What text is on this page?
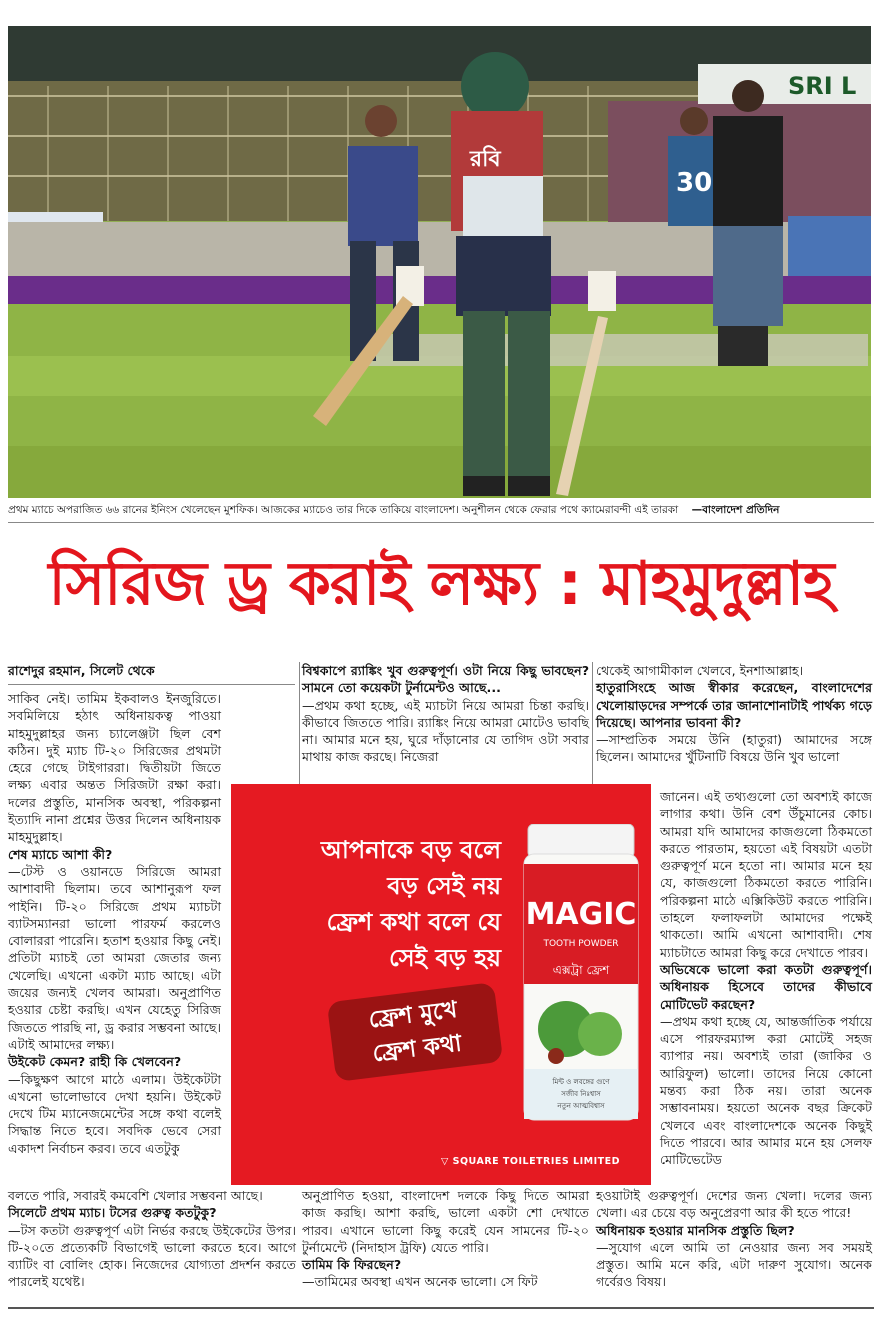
SRI L
রবি
30
প্রথম ম্যাচে অপরাজিত ৬৬ রানের ইনিংস খেলেছেন মুশফিক। আজকের ম্যাচেও তার দিকে তাকিয়ে বাংলাদেশ। অনুশীলন থেকে ফেরার পথে ক্যামেরাবন্দী এই তারকা —বাংলাদেশ প্রতিদিন
সিরিজ ড্র করাই লক্ষ্য : মাহমুদুল্লাহ
রাশেদুর রহমান, সিলেট থেকে

সাকিব নেই। তামিম ইকবালও ইনজুরিতে। সবমিলিয়ে হঠাৎ অধিনায়কত্ব পাওয়া মাহমুদুল্লাহর জন্য চ্যালেঞ্জটা ছিল বেশ কঠিন। দুই ম্যাচ টি-২০ সিরিজের প্রথমটা হেরে গেছে টাইগাররা। দ্বিতীয়টা জিতে লক্ষ্য এবার অন্তত সিরিজটা রক্ষা করা। দলের প্রস্তুতি, মানসিক অবস্থা, পরিকল্পনা ইত্যাদি নানা প্রশ্নের উত্তর দিলেন অধিনায়ক মাহমুদুল্লাহ।

শেষ ম্যাচে আশা কী?

—টেস্ট ও ওয়ানডে সিরিজে আমরা আশাবাদী ছিলাম। তবে আশানুরূপ ফল পাইনি। টি-২০ সিরিজে প্রথম ম্যাচটা ব্যাটসম্যানরা ভালো পারফর্ম করলেও বোলাররা পারেনি। হতাশ হওয়ার কিছু নেই। প্রতিটা ম্যাচই তো আমরা জেতার জন্য খেলেছি। এখনো একটা ম্যাচ আছে। এটা জয়ের জন্যই খেলব আমরা। অনুপ্রাণিত হওয়ার চেষ্টা করছি। এখন যেহেতু সিরিজ জিততে পারছি না, ড্র করার সম্ভবনা আছে। এটাই আমাদের লক্ষ্য।

উইকেট কেমন? রাহী কি খেলবেন?

—কিছুক্ষণ আগে মাঠে এলাম। উইকেটটা এখনো ভালোভাবে দেখা হয়নি। উইকেট দেখে টিম ম্যানেজমেন্টের সঙ্গে কথা বলেই সিদ্ধান্ত নিতে হবে। সবদিক ভেবে সেরা একাদশ নির্বাচন করব। তবে এতটুকু

বলতে পারি, সবারই কমবেশি খেলার সম্ভবনা আছে।

সিলেটে প্রথম ম্যাচ। টসের গুরুত্ব কতটুকু?

—টস কতটা গুরুত্বপূর্ণ এটা নির্ভর করছে উইকেটের উপর। টি-২০তে প্রত্যেকটি বিভাগেই ভালো করতে হবে। আগে ব্যাটিং বা বোলিং হোক। নিজেদের যোগ্যতা প্রদর্শন করতে পারলেই যথেষ্ট।

বিশ্বকাপে র‌্যাঙ্কিং খুব গুরুত্বপূর্ণ। ওটা নিয়ে কিছু ভাবছেন? সামনে তো কয়েকটা টুর্নামেন্টও আছে...

—প্রথম কথা হচ্ছে, এই ম্যাচটা নিয়ে আমরা চিন্তা করছি। কীভাবে জিততে পারি। র‌্যাঙ্কিং নিয়ে আমরা মোটেও ভাবছি না। আমার মনে হয়, ঘুরে দাঁড়ানোর যে তাগিদ ওটা সবার মাথায় কাজ করছে। নিজেরা

অনুপ্রাণিত হওয়া, বাংলাদেশ দলকে কিছু দিতে আমরা কাজ করছি। আশা করছি, ভালো একটা শো দেখাতে পারব। এখানে ভালো কিছু করেই যেন সামনের টি-২০ টুর্নামেন্টে (নিদাহাস ট্রফি) যেতে পারি।

তামিম কি ফিরছেন?

—তামিমের অবস্থা এখন অনেক ভালো। সে ফিট

থেকেই আগামীকাল খেলবে, ইনশাআল্লাহ।

হাতুরাসিংহে আজ স্বীকার করেছেন, বাংলাদেশের খেলোয়াড়দের সম্পর্কে তার জানাশোনাটাই পার্থক্য গড়ে দিয়েছে। আপনার ভাবনা কী?

—সাম্প্রতিক সময়ে উনি (হাতুরা) আমাদের সঙ্গে ছিলেন। আমাদের খুঁটিনাটি বিষয়ে উনি খুব ভালো

জানেন। এই তথ্যগুলো তো অবশ্যই কাজে লাগার কথা। উনি বেশ উঁচুমানের কোচ। আমরা যদি আমাদের কাজগুলো ঠিকমতো করতে পারতাম, হয়তো এই বিষয়টা এতটা গুরুত্বপূর্ণ মনে হতো না। আমার মনে হয় যে, কাজগুলো ঠিকমতো করতে পারিনি। পরিকল্পনা মাঠে এক্সিকিউট করতে পারিনি। তাহলে ফলাফলটা আমাদের পক্ষেই থাকতো। আমি এখনো আশাবাদী। শেষ ম্যাচটাতে আমরা কিছু করে দেখাতে পারব।

অভিষেকে ভালো করা কতটা গুরুত্বপূর্ণ। অধিনায়ক হিসেবে তাদের কীভাবে মোটিভেট করছেন?

—প্রথম কথা হচ্ছে যে, আন্তর্জাতিক পর্যায়ে এসে পারফরম্যান্স করা মোটেই সহজ ব্যাপার নয়। অবশ্যই তারা (জাকির ও আরিফুল) ভালো। তাদের নিয়ে কোনো মন্তব্য করা ঠিক নয়। তারা অনেক সম্ভাবনাময়। হয়তো অনেক বছর ক্রিকেট খেলবে এবং বাংলাদেশকে অনেক কিছুই দিতে পারবে। আর আমার মনে হয় সেলফ মোটিভেটেড

হওয়াটাই গুরুত্বপূর্ণ। দেশের জন্য খেলা। দলের জন্য খেলা। এর চেয়ে বড় অনুপ্রেরণা আর কী হতে পারে!

অধিনায়ক হওয়ার মানসিক প্রস্তুতি ছিল?

—সুযোগ এলে আমি তা নেওয়ার জন্য সব সময়ই প্রস্তুত। আমি মনে করি, এটা দারুণ সুযোগ। অনেক গর্বেরও বিষয়।

আপনাকে বড় বলে
বড় সেই নয়
ফ্রেশ কথা বলে যে
সেই বড় হয়
ফ্রেশ মুখে
ফ্রেশ কথা
MAGIC
TOOTH POWDER
এক্সট্রা ফ্রেশ
মিন্ট ও লবঙ্গের গুণে
সজীব নিঃশ্বাস
নতুন আত্মবিশ্বাস
▽ SQUARE TOILETRIES LIMITED
